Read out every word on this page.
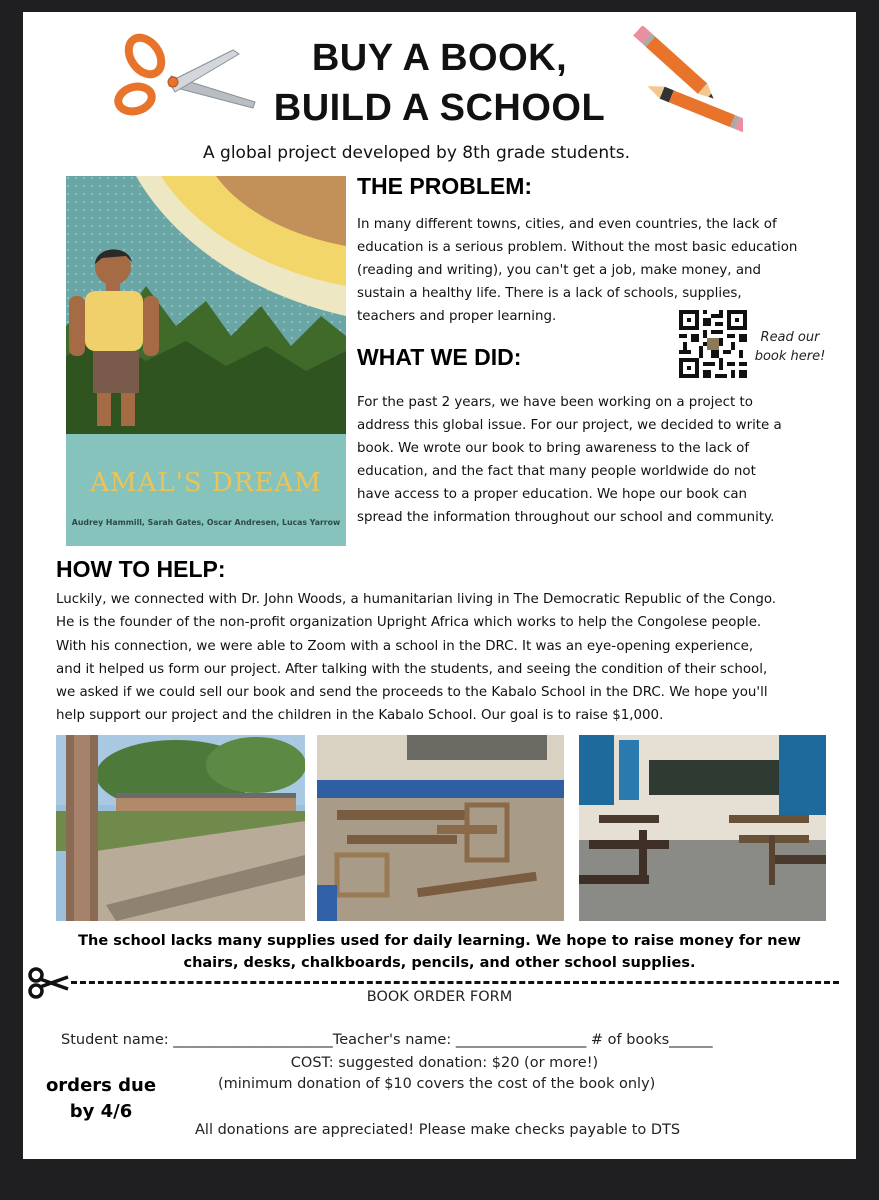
BUY A BOOK,
BUILD A SCHOOL
A global project developed by 8th grade students.
AMAL'S DREAM
Audrey Hammill, Sarah Gates, Oscar Andresen, Lucas Yarrow
THE PROBLEM:
In many different towns, cities, and even countries, the lack of
education is a serious problem. Without the most basic education
(reading and writing), you can't get a job, make money, and
sustain a healthy life. There is a lack of schools, supplies,
teachers and proper learning.
Read our
book here!
WHAT WE DID:
For the past 2 years, we have been working on a project to
address this global issue. For our project, we decided to write a
book. We wrote our book to bring awareness to the lack of
education, and the fact that many people worldwide do not
have access to a proper education. We hope our book can
spread the information throughout our school and community.
HOW TO HELP:
Luckily, we connected with Dr. John Woods, a humanitarian living in The Democratic Republic of the Congo.
He is the founder of the non-profit organization Upright Africa which works to help the Congolese people.
With his connection, we were able to Zoom with a school in the DRC. It was an eye-opening experience,
and it helped us form our project. After talking with the students, and seeing the condition of their school,
we asked if we could sell our book and send the proceeds to the Kabalo School in the DRC. We hope you'll
help support our project and the children in the Kabalo School. Our goal is to raise $1,000.
The school lacks many supplies used for daily learning. We hope to raise money for new
chairs, desks, chalkboards, pencils, and other school supplies.
BOOK ORDER FORM
Student name: ______________________Teacher's name: __________________ # of books______
COST: suggested donation: $20 (or more!)
(minimum donation of $10 covers the cost of the book only)
orders due
by 4/6
All donations are appreciated! Please make checks payable to DTS
